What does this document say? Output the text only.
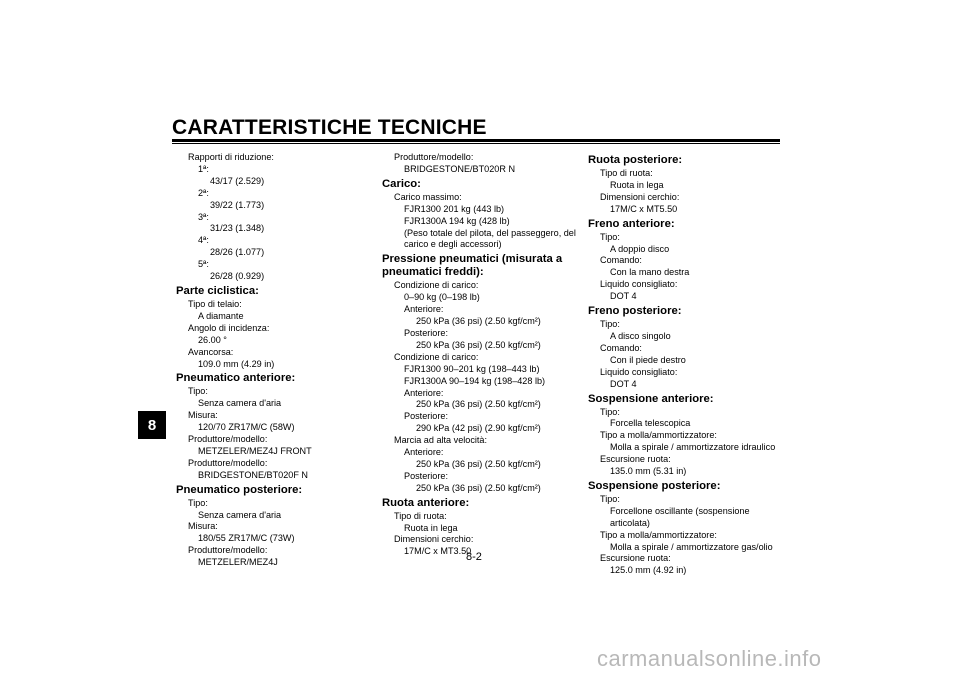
CARATTERISTICHE TECNICHE
8
Rapporti di riduzione:
1ª:
43/17 (2.529)
2ª:
39/22 (1.773)
3ª:
31/23 (1.348)
4ª:
28/26 (1.077)
5ª:
26/28 (0.929)
Parte ciclistica:
Tipo di telaio:
A diamante
Angolo di incidenza:
26.00 °
Avancorsa:
109.0 mm (4.29 in)
Pneumatico anteriore:
Tipo:
Senza camera d'aria
Misura:
120/70 ZR17M/C (58W)
Produttore/modello:
METZELER/MEZ4J FRONT
Produttore/modello:
BRIDGESTONE/BT020F N
Pneumatico posteriore:
Tipo:
Senza camera d'aria
Misura:
180/55 ZR17M/C (73W)
Produttore/modello:
METZELER/MEZ4J
Produttore/modello:
BRIDGESTONE/BT020R N
Carico:
Carico massimo:
FJR1300 201 kg (443 lb)
FJR1300A 194 kg (428 lb)
(Peso totale del pilota, del passeggero, del carico e degli accessori)
Pressione pneumatici (misurata a pneumatici freddi):
Condizione di carico:
0–90 kg (0–198 lb)
Anteriore:
250 kPa (36 psi) (2.50 kgf/cm²)
Posteriore:
250 kPa (36 psi) (2.50 kgf/cm²)
Condizione di carico:
FJR1300 90–201 kg (198–443 lb)
FJR1300A 90–194 kg (198–428 lb)
Anteriore:
250 kPa (36 psi) (2.50 kgf/cm²)
Posteriore:
290 kPa (42 psi) (2.90 kgf/cm²)
Marcia ad alta velocità:
Anteriore:
250 kPa (36 psi) (2.50 kgf/cm²)
Posteriore:
250 kPa (36 psi) (2.50 kgf/cm²)
Ruota anteriore:
Tipo di ruota:
Ruota in lega
Dimensioni cerchio:
17M/C x MT3.50
Ruota posteriore:
Tipo di ruota:
Ruota in lega
Dimensioni cerchio:
17M/C x MT5.50
Freno anteriore:
Tipo:
A doppio disco
Comando:
Con la mano destra
Liquido consigliato:
DOT 4
Freno posteriore:
Tipo:
A disco singolo
Comando:
Con il piede destro
Liquido consigliato:
DOT 4
Sospensione anteriore:
Tipo:
Forcella telescopica
Tipo a molla/ammortizzatore:
Molla a spirale / ammortizzatore idraulico
Escursione ruota:
135.0 mm (5.31 in)
Sospensione posteriore:
Tipo:
Forcellone oscillante (sospensione articolata)
Tipo a molla/ammortizzatore:
Molla a spirale / ammortizzatore gas/olio
Escursione ruota:
125.0 mm (4.92 in)
8-2
carmanualsonline.info
